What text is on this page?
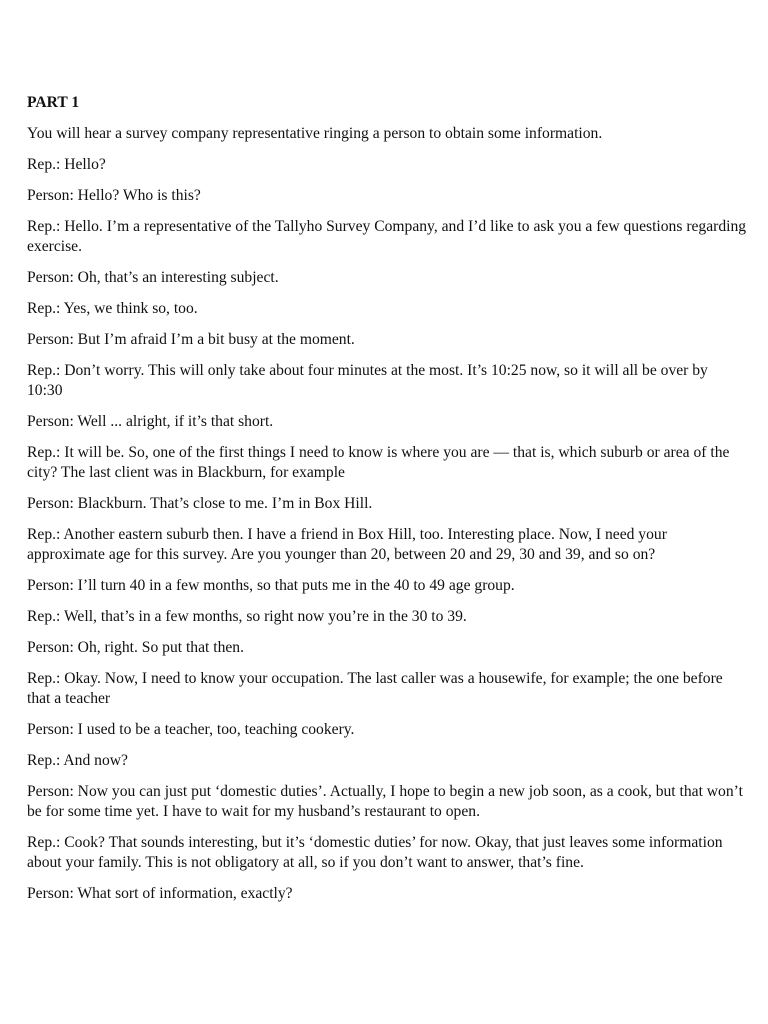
PART 1

You will hear a survey company representative ringing a person to obtain some information.

Rep.: Hello?

Person: Hello? Who is this?

Rep.: Hello. I’m a representative of the Tallyho Survey Company, and I’d like to ask you a few questions regarding exercise.

Person: Oh, that’s an interesting subject.

Rep.: Yes, we think so, too.

Person: But I’m afraid I’m a bit busy at the moment.

Rep.: Don’t worry. This will only take about four minutes at the most. It’s 10:25 now, so it will all be over by 10:30

Person: Well ... alright, if it’s that short.

Rep.: It will be. So, one of the first things I need to know is where you are — that is, which suburb or area of the city? The last client was in Blackburn, for example

Person: Blackburn. That’s close to me. I’m in Box Hill.

Rep.: Another eastern suburb then. I have a friend in Box Hill, too. Interesting place. Now, I need your approximate age for this survey. Are you younger than 20, between 20 and 29, 30 and 39, and so on?

Person: I’ll turn 40 in a few months, so that puts me in the 40 to 49 age group.

Rep.: Well, that’s in a few months, so right now you’re in the 30 to 39.

Person: Oh, right. So put that then.

Rep.: Okay. Now, I need to know your occupation. The last caller was a housewife, for example; the one before that a teacher

Person: I used to be a teacher, too, teaching cookery.

Rep.: And now?

Person: Now you can just put ‘domestic duties’. Actually, I hope to begin a new job soon, as a cook, but that won’t be for some time yet. I have to wait for my husband’s restaurant to open.

Rep.: Cook? That sounds interesting, but it’s ‘domestic duties’ for now. Okay, that just leaves some information about your family. This is not obligatory at all, so if you don’t want to answer, that’s fine.

Person: What sort of information, exactly?
